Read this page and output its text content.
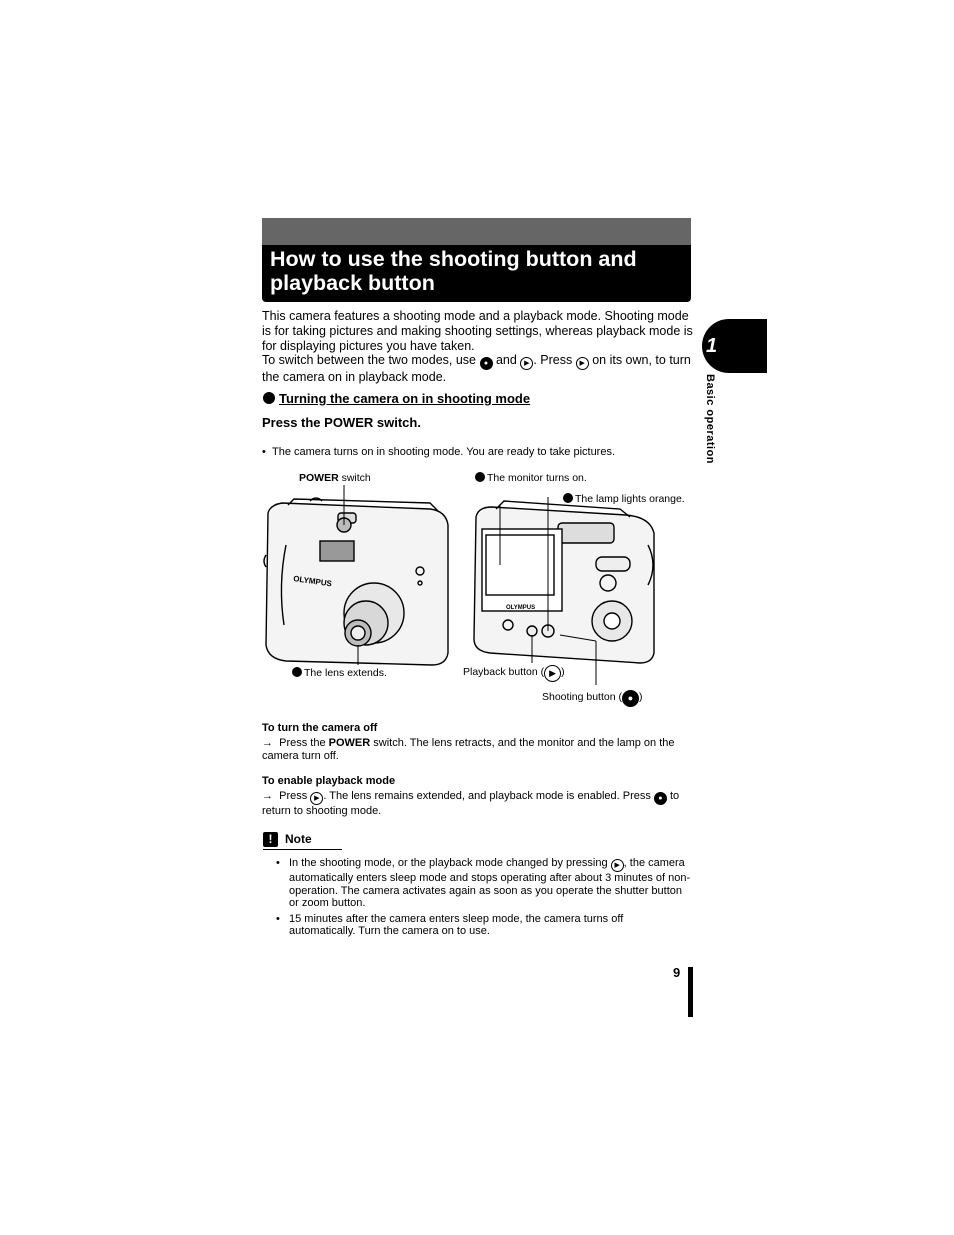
How to use the shooting button and
playback button
This camera features a shooting mode and a playback mode. Shooting mode is for taking pictures and making shooting settings, whereas playback mode is for displaying pictures you have taken.
To switch between the two modes, use ● and ▶ . Press ▶ on its own, to turn the camera on in playback mode.
Turning the camera on in shooting mode
Press the POWER switch.
• The camera turns on in shooting mode. You are ready to take pictures.
POWER switch	The monitor turns on.
The lamp lights orange.
The lens extends.	Playback button ( ▶ )
Shooting button ( ● )
OLYMPUS
OLYMPUS
To turn the camera off
→ Press the POWER switch. The lens retracts, and the monitor and the lamp on the camera turn off.
To enable playback mode
→ Press ▶ . The lens remains extended, and playback mode is enabled. Press ● to return to shooting mode.
! Note
• In the shooting mode, or the playback mode changed by pressing ▶ , the camera automatically enters sleep mode and stops operating after about 3 minutes of non-operation. The camera activates again as soon as you operate the shutter button or zoom button.
• 15 minutes after the camera enters sleep mode, the camera turns off automatically. Turn the camera on to use.
1
Basic operation
9
